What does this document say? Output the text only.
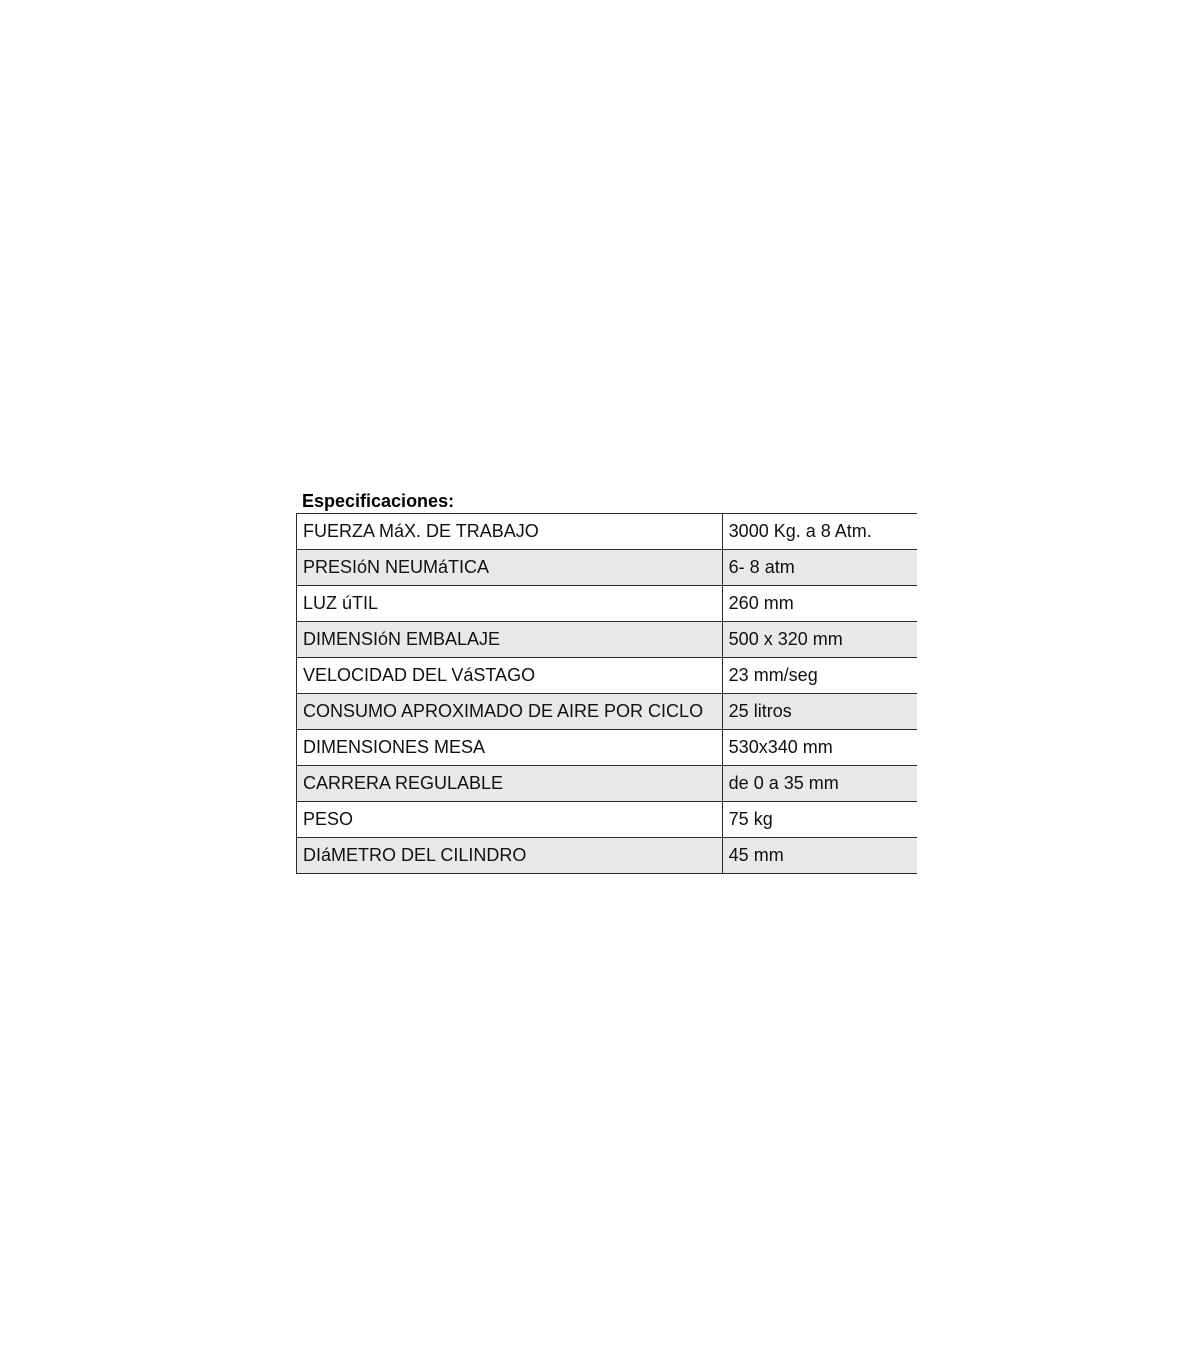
Especificaciones:
FUERZA MáX. DE TRABAJO	3000 Kg. a 8 Atm.
PRESIóN NEUMáTICA	6- 8 atm
LUZ úTIL	260 mm
DIMENSIóN EMBALAJE	500 x 320 mm
VELOCIDAD DEL VáSTAGO	23 mm/seg
CONSUMO APROXIMADO DE AIRE POR CICLO	25 litros
DIMENSIONES MESA	530x340 mm
CARRERA REGULABLE	de 0 a 35 mm
PESO	75 kg
DIáMETRO DEL CILINDRO	45 mm
